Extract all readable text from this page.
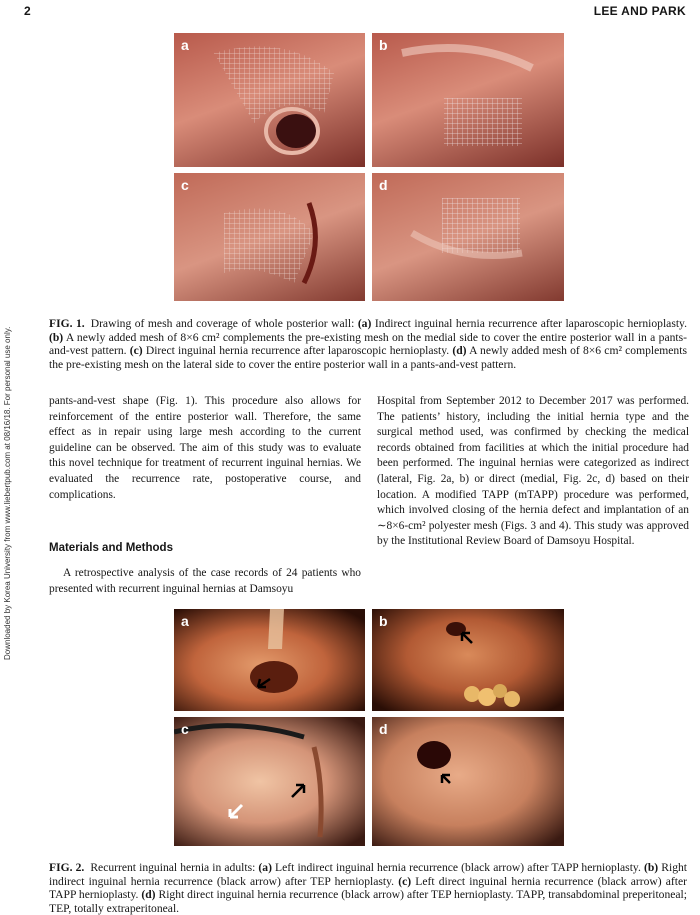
2	LEE AND PARK
Downloaded by Korea University from www.liebertpub.com at 08/16/18. For personal use only.
a	b
c	d
FIG. 1. Drawing of mesh and coverage of whole posterior wall: (a) Indirect inguinal hernia recurrence after laparoscopic hernioplasty. (b) A newly added mesh of 8×6 cm² complements the pre-existing mesh on the medial side to cover the entire posterior wall in a pants-and-vest pattern. (c) Direct inguinal hernia recurrence after laparoscopic hernioplasty. (d) A newly added mesh of 8×6 cm² complements the pre-existing mesh on the lateral side to cover the entire posterior wall in a pants-and-vest pattern.

pants-and-vest shape (Fig. 1). This procedure also allows for reinforcement of the entire posterior wall. Therefore, the same effect as in repair using large mesh according to the current guideline can be observed. The aim of this study was to evaluate this novel technique for treatment of recurrent inguinal hernias. We evaluated the recurrence rate, postoperative course, and complications.

Materials and Methods

A retrospective analysis of the case records of 24 patients who presented with recurrent inguinal hernias at Damsoyu

Hospital from September 2012 to December 2017 was performed. The patients’ history, including the initial hernia type and the surgical method used, was confirmed by checking the medical records obtained from facilities at which the initial procedure had been performed. The inguinal hernias were categorized as indirect (lateral, Fig. 2a, b) or direct (medial, Fig. 2c, d) based on their location. A modified TAPP (mTAPP) procedure was performed, which involved closing of the hernia defect and implantation of an ∼8×6-cm² polyester mesh (Figs. 3 and 4). This study was approved by the Institutional Review Board of Damsoyu Hospital.

a	b
c	d
FIG. 2. Recurrent inguinal hernia in adults: (a) Left indirect inguinal hernia recurrence (black arrow) after TAPP hernioplasty. (b) Right indirect inguinal hernia recurrence (black arrow) after TEP hernioplasty. (c) Left direct inguinal hernia recurrence (black arrow) after TAPP hernioplasty. (d) Right direct inguinal hernia recurrence (black arrow) after TEP hernioplasty. TAPP, transabdominal preperitoneal; TEP, totally extraperitoneal.
